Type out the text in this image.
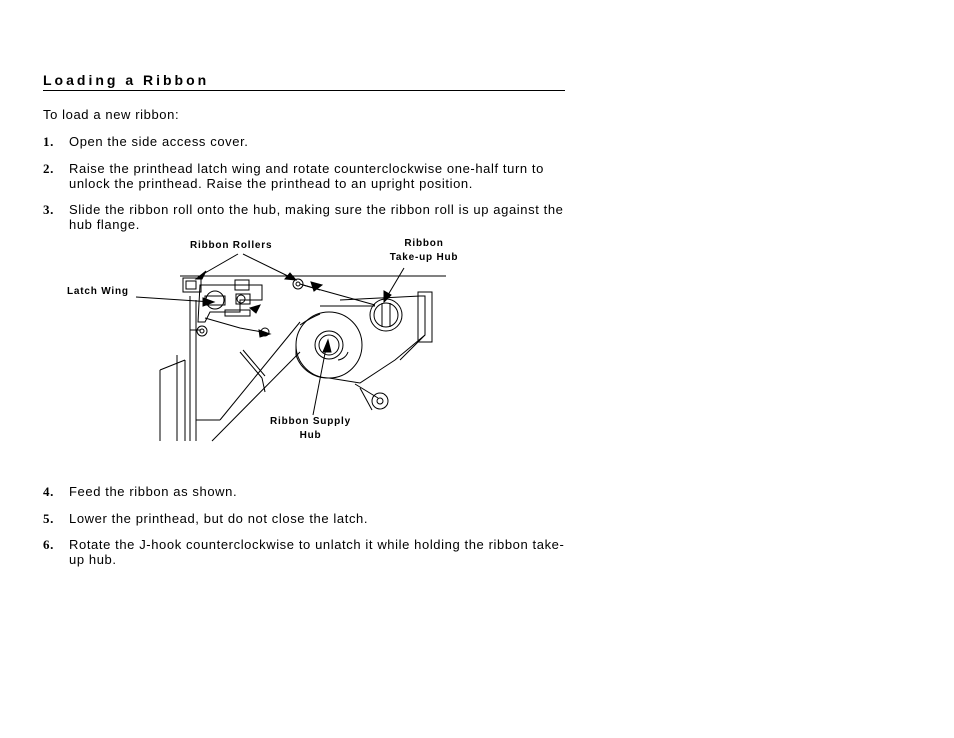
Loading a Ribbon
To load a new ribbon:
1. Open the side access cover.
2. Raise the printhead latch wing and rotate counterclockwise one-half turn to unlock the printhead. Raise the printhead to an upright position.
3. Slide the ribbon roll onto the hub, making sure the ribbon roll is up against the hub flange.
Ribbon Rollers	Ribbon
Take-up Hub
Latch Wing
Ribbon Supply
Hub
4. Feed the ribbon as shown.
5. Lower the printhead, but do not close the latch.
6. Rotate the J-hook counterclockwise to unlatch it while holding the ribbon take-up hub.
